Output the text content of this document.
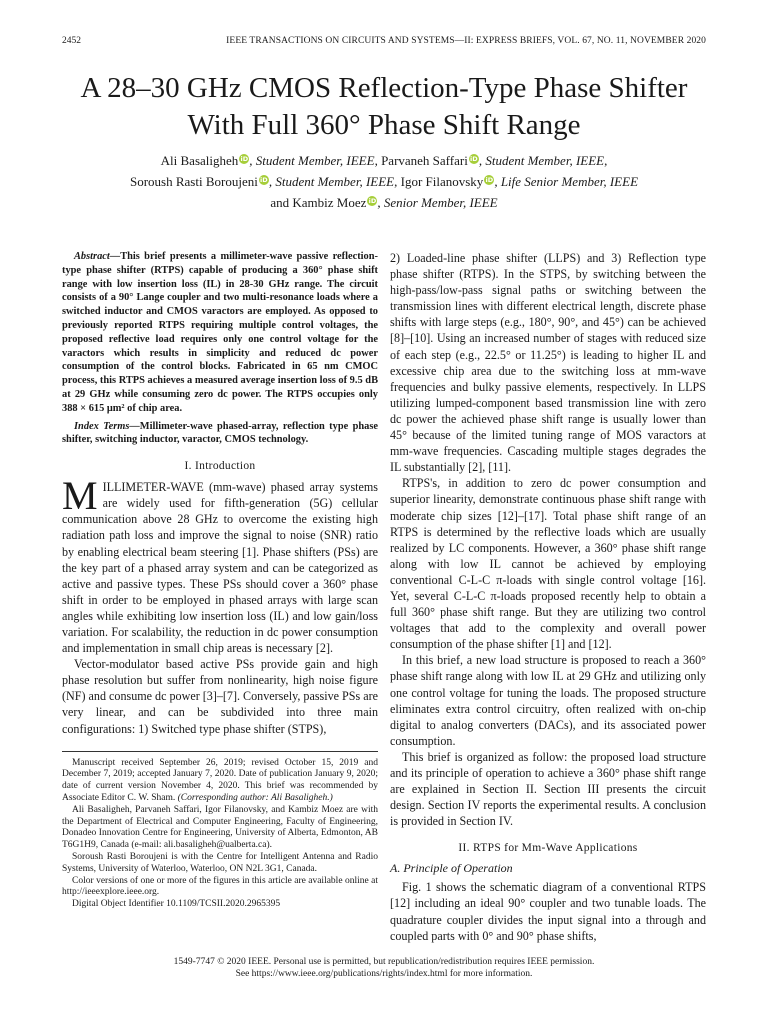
2452	IEEE TRANSACTIONS ON CIRCUITS AND SYSTEMS—II: EXPRESS BRIEFS, VOL. 67, NO. 11, NOVEMBER 2020
A 28–30 GHz CMOS Reflection-Type Phase Shifter
With Full 360° Phase Shift Range
Ali Basaligheh iD, Student Member, IEEE, Parvaneh Saffari iD, Student Member, IEEE,
Soroush Rasti Boroujeni iD, Student Member, IEEE, Igor Filanovsky iD, Life Senior Member, IEEE
and Kambiz Moez iD, Senior Member, IEEE

Abstract—This brief presents a millimeter-wave passive reflection-type phase shifter (RTPS) capable of producing a 360° phase shift range with low insertion loss (IL) in 28-30 GHz range. The circuit consists of a 90° Lange coupler and two multi-resonance loads where a switched inductor and CMOS varactors are employed. As opposed to previously reported RTPS requiring multiple control voltages, the proposed reflective load requires only one control voltage for the varactors which results in simplicity and reduced dc power consumption of the control blocks. Fabricated in 65 nm CMOC process, this RTPS achieves a measured average insertion loss of 9.5 dB at 29 GHz while consuming zero dc power. The RTPS occupies only 388 × 615 μm² of chip area.

Index Terms—Millimeter-wave phased-array, reflection type phase shifter, switching inductor, varactor, CMOS technology.

I. Introduction

MILLIMETER-WAVE (mm-wave) phased array systems are widely used for fifth-generation (5G) cellular communication above 28 GHz to overcome the existing high radiation path loss and improve the signal to noise (SNR) ratio by enabling electrical beam steering [1]. Phase shifters (PSs) are the key part of a phased array system and can be categorized as active and passive types. These PSs should cover a 360° phase shift in order to be employed in phased arrays with large scan angles while exhibiting low insertion loss (IL) and low gain/loss variation. For scalability, the reduction in dc power consumption and implementation in small chip areas is necessary [2].

Vector-modulator based active PSs provide gain and high phase resolution but suffer from nonlinearity, high noise figure (NF) and consume dc power [3]–[7]. Conversely, passive PSs are very linear, and can be subdivided into three main configurations: 1) Switched type phase shifter (STPS),

Manuscript received September 26, 2019; revised October 15, 2019 and December 7, 2019; accepted January 7, 2020. Date of publication January 9, 2020; date of current version November 4, 2020. This brief was recommended by Associate Editor C. W. Sham. (Corresponding author: Ali Basaligheh.)

Ali Basaligheh, Parvaneh Saffari, Igor Filanovsky, and Kambiz Moez are with the Department of Electrical and Computer Engineering, Faculty of Engineering, Donadeo Innovation Centre for Engineering, University of Alberta, Edmonton, AB T6G1H9, Canada (e-mail: ali.basaligheh@ualberta.ca).

Soroush Rasti Boroujeni is with the Centre for Intelligent Antenna and Radio Systems, University of Waterloo, Waterloo, ON N2L 3G1, Canada.

Color versions of one or more of the figures in this article are available online at http://ieeexplore.ieee.org.

Digital Object Identifier 10.1109/TCSII.2020.2965395

2) Loaded-line phase shifter (LLPS) and 3) Reflection type phase shifter (RTPS). In the STPS, by switching between the high-pass/low-pass signal paths or switching between the transmission lines with different electrical length, discrete phase shifts with large steps (e.g., 180°, 90°, and 45°) can be achieved [8]–[10]. Using an increased number of stages with reduced size of each step (e.g., 22.5° or 11.25°) is leading to higher IL and excessive chip area due to the switching loss at mm-wave frequencies and bulky passive elements, respectively. In LLPS utilizing lumped-component based transmission line with zero dc power the achieved phase shift range is usually lower than 45° because of the limited tuning range of MOS varactors at mm-wave frequencies. Cascading multiple stages degrades the IL substantially [2], [11].

RTPS's, in addition to zero dc power consumption and superior linearity, demonstrate continuous phase shift range with moderate chip sizes [12]–[17]. Total phase shift range of an RTPS is determined by the reflective loads which are usually realized by LC components. However, a 360° phase shift range along with low IL cannot be achieved by employing conventional C-L-C π-loads with single control voltage [16]. Yet, several C-L-C π-loads proposed recently help to obtain a full 360° phase shift range. But they are utilizing two control voltages that add to the complexity and overall power consumption of the phase shifter [1] and [12].

In this brief, a new load structure is proposed to reach a 360° phase shift range along with low IL at 29 GHz and utilizing only one control voltage for tuning the loads. The proposed structure eliminates extra control circuitry, often realized with on-chip digital to analog converters (DACs), and its associated power consumption.

This brief is organized as follow: the proposed load structure and its principle of operation to achieve a 360° phase shift range are explained in Section II. Section III presents the circuit design. Section IV reports the experimental results. A conclusion is provided in Section IV.

II. RTPS for Mm-Wave Applications
A. Principle of Operation

Fig. 1 shows the schematic diagram of a conventional RTPS [12] including an ideal 90° coupler and two tunable loads. The quadrature coupler divides the input signal into a through and coupled parts with 0° and 90° phase shifts,

1549-7747 © 2020 IEEE. Personal use is permitted, but republication/redistribution requires IEEE permission.
See https://www.ieee.org/publications/rights/index.html for more information.
